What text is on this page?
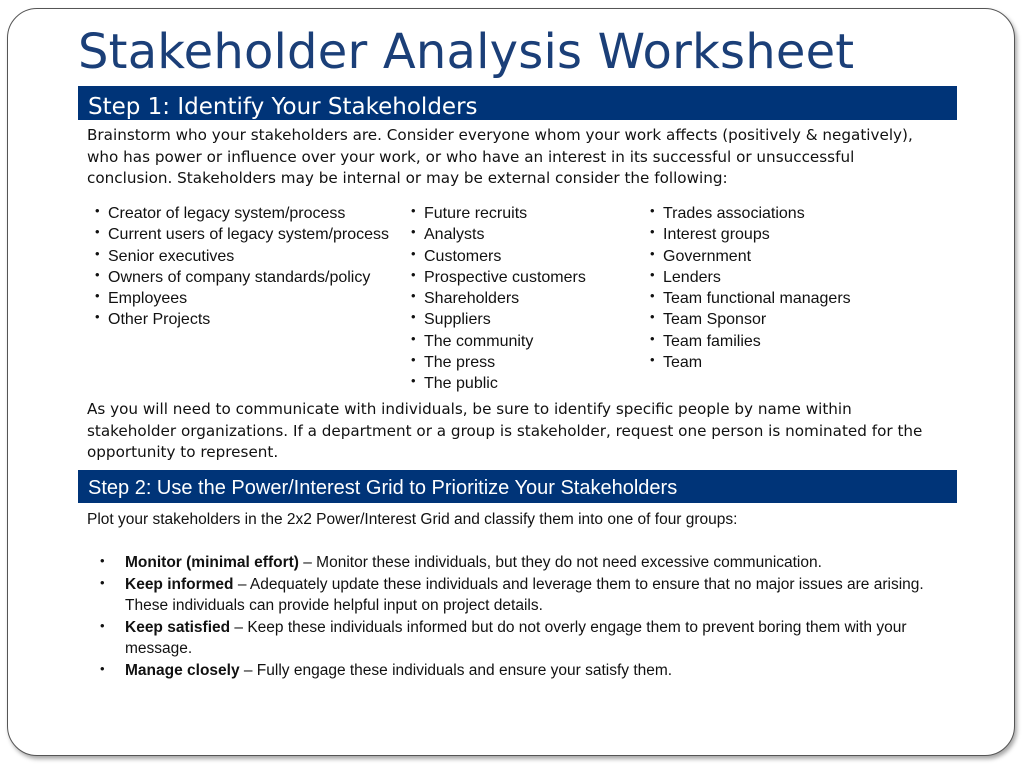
Stakeholder Analysis Worksheet
Step 1: Identify Your Stakeholders

Brainstorm who your stakeholders are. Consider everyone whom your work affects (positively & negatively), who has power or influence over your work, or who have an interest in its successful or unsuccessful conclusion. Stakeholders may be internal or may be external consider the following:

• Creator of legacy system/process
• Current users of legacy system/process
• Senior executives
• Owners of company standards/policy
• Employees
• Other Projects
• Future recruits
• Analysts
• Customers
• Prospective customers
• Shareholders
• Suppliers
• The community
• The press
• The public
• Trades associations
• Interest groups
• Government
• Lenders
• Team functional managers
• Team Sponsor
• Team families
• Team

As you will need to communicate with individuals, be sure to identify specific people by name within stakeholder organizations. If a department or a group is stakeholder, request one person is nominated for the opportunity to represent.

Step 2: Use the Power/Interest Grid to Prioritize Your Stakeholders

Plot your stakeholders in the 2x2 Power/Interest Grid and classify them into one of four groups:

• Monitor (minimal effort) – Monitor these individuals, but they do not need excessive communication.
• Keep informed – Adequately update these individuals and leverage them to ensure that no major issues are arising. These individuals can provide helpful input on project details.
• Keep satisfied – Keep these individuals informed but do not overly engage them to prevent boring them with your message.
• Manage closely – Fully engage these individuals and ensure your satisfy them.
